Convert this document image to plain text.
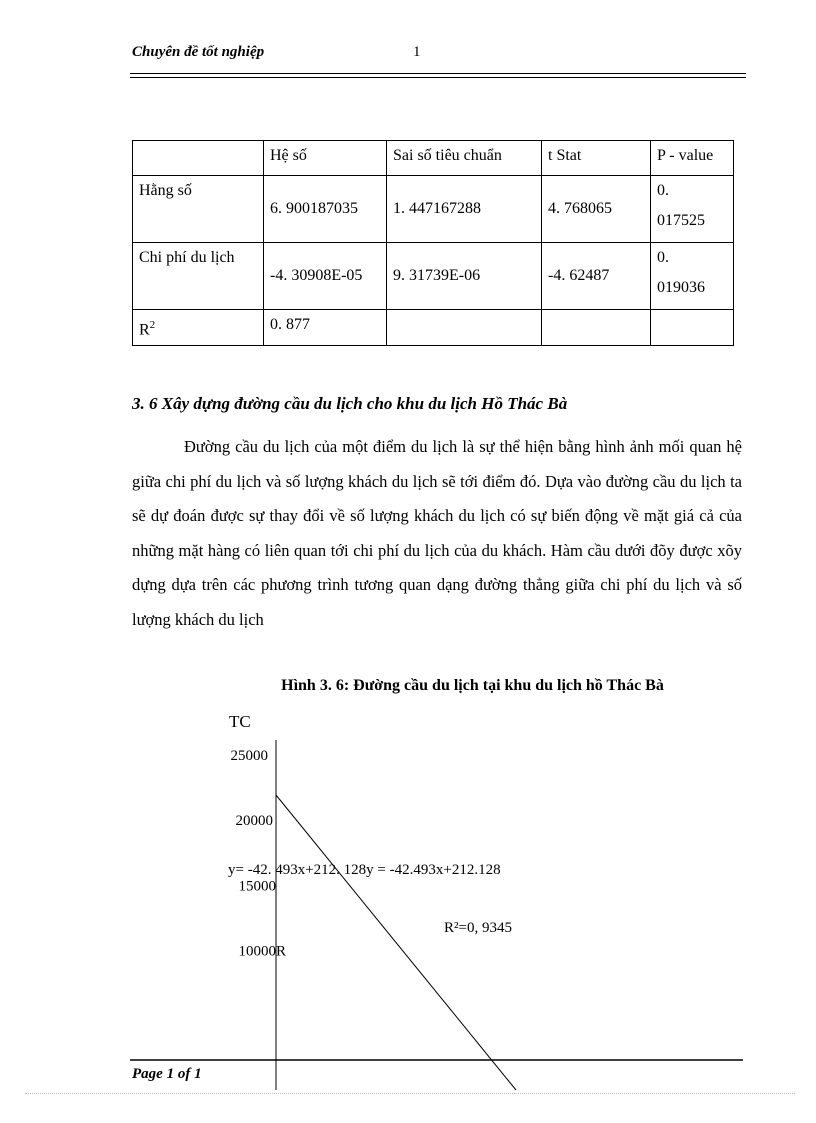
Chuyên đề tốt nghiệp	1
	Hệ số	Sai số tiêu chuẩn	t Stat	P - value
Hằng số	6. 900187035	1. 447167288	4. 768065	0.
017525
Chi phí du lịch	-4. 30908E-05	9. 31739E-06	-4. 62487	0.
019036
$R^2$	0. 877			
3. 6 Xây dựng đường cầu du lịch cho khu du lịch Hồ Thác Bà

Đường cầu du lịch của một điểm du lịch là sự thể hiện bằng hình ảnh mối quan hệ giữa chi phí du lịch và số lượng khách du lịch sẽ tới điểm đó. Dựa vào đường cầu du lịch ta sẽ dự đoán được sự thay đổi về số lượng khách du lịch có sự biến động về mặt giá cả của những mặt hàng có liên quan tới chi phí du lịch của du khách. Hàm cầu dưới đõy được xõy dựng dựa trên các phương trình tương quan dạng đường thẳng giữa chi phí du lịch và số lượng khách du lịch

Hình 3. 6: Đường cầu du lịch tại khu du lịch hồ Thác Bà
TC
25000
20000
15000
10000 R
y= -42. 493x+212. 128y = -42.493x+212.128
R²=0, 9345
Page 1 of 1
